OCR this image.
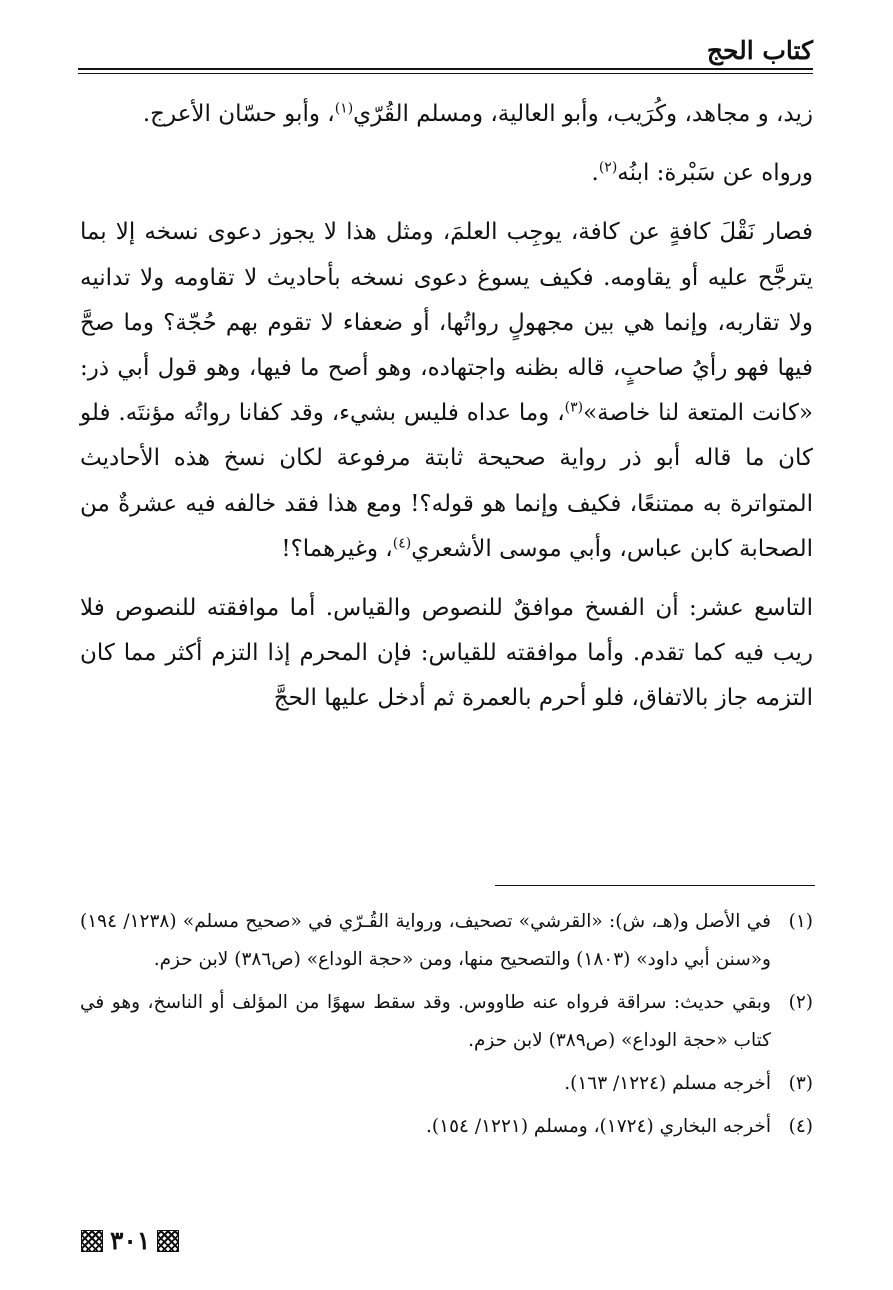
كتاب الحج

زيد، و مجاهد، وكُرَيب، وأبو العالية، ومسلم القُرّي$^{(١)}$، وأبو حسّان الأعرج.

ورواه عن سَبْرة: ابنُه$^{(٢)}$.

فصار نَقْلَ كافةٍ عن كافة، يوجِب العلمَ، ومثل هذا لا يجوز دعوى نسخه إلا بما يترجَّح عليه أو يقاومه. فكيف يسوغ دعوى نسخه بأحاديث لا تقاومه ولا تدانيه ولا تقاربه، وإنما هي بين مجهولٍ رواتُها، أو ضعفاء لا تقوم بهم حُجّة؟ وما صحَّ فيها فهو رأيُ صاحبٍ، قاله بظنه واجتهاده، وهو أصح ما فيها، وهو قول أبي ذر: «كانت المتعة لنا خاصة»$^{(٣)}$، وما عداه فليس بشيء، وقد كفانا رواتُه مؤنتَه. فلو كان ما قاله أبو ذر رواية صحيحة ثابتة مرفوعة لكان نسخ هذه الأحاديث المتواترة به ممتنعًا، فكيف وإنما هو قوله؟! ومع هذا فقد خالفه فيه عشرةٌ من الصحابة كابن عباس، وأبي موسى الأشعري$^{(٤)}$، وغيرهما؟!

التاسع عشر: أن الفسخ موافقٌ للنصوص والقياس. أما موافقته للنصوص فلا ريب فيه كما تقدم. وأما موافقته للقياس: فإن المحرم إذا التزم أكثر مما كان التزمه جاز بالاتفاق، فلو أحرم بالعمرة ثم أدخل عليها الحجَّ

(١)
في الأصل و(هـ، ش): «القرشي» تصحيف، ورواية القُـرّي في «صحيح مسلم» (١٢٣٨/ ١٩٤) و«سنن أبي داود» (١٨٠٣) والتصحيح منها، ومن «حجة الوداع» (ص٣٨٦) لابن حزم.
(٢)
وبقي حديث: سراقة فرواه عنه طاووس. وقد سقط سهوًا من المؤلف أو الناسخ، وهو في كتاب «حجة الوداع» (ص٣٨٩) لابن حزم.
(٣)
أخرجه مسلم (١٢٢٤/ ١٦٣).
(٤)
أخرجه البخاري (١٧٢٤)، ومسلم (١٢٢١/ ١٥٤).
٣٠١
